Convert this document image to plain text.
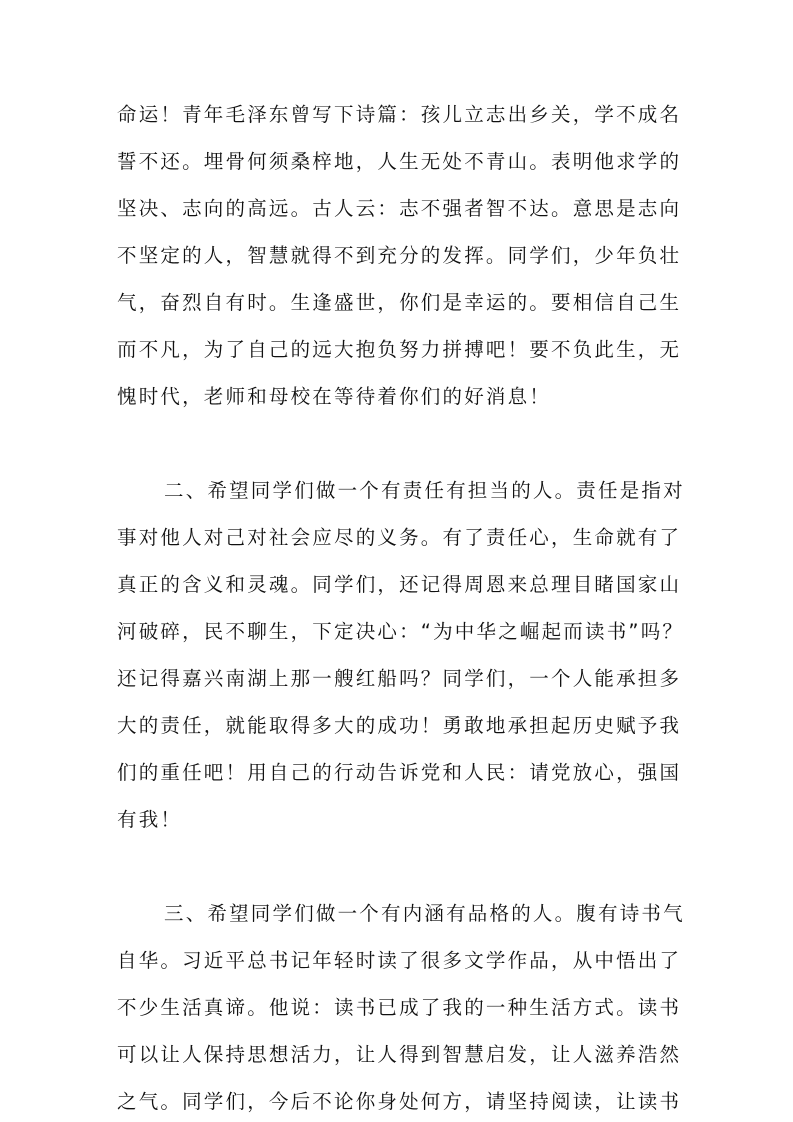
命运！青年毛泽东曾写下诗篇：孩儿立志出乡关，学不成名
誓不还。埋骨何须桑梓地，人生无处不青山。表明他求学的
坚决、志向的高远。古人云：志不强者智不达。意思是志向
不坚定的人，智慧就得不到充分的发挥。同学们，少年负壮
气，奋烈自有时。生逢盛世，你们是幸运的。要相信自己生
而不凡，为了自己的远大抱负努力拼搏吧！要不负此生，无
愧时代，老师和母校在等待着你们的好消息！
二、希望同学们做一个有责任有担当的人。责任是指对
事对他人对己对社会应尽的义务。有了责任心，生命就有了
真正的含义和灵魂。同学们，还记得周恩来总理目睹国家山
河破碎，民不聊生，下定决心：“为中华之崛起而读书”吗？
还记得嘉兴南湖上那一艘红船吗？同学们，一个人能承担多
大的责任，就能取得多大的成功！勇敢地承担起历史赋予我
们的重任吧！用自己的行动告诉党和人民：请党放心，强国
有我！
三、希望同学们做一个有内涵有品格的人。腹有诗书气
自华。习近平总书记年轻时读了很多文学作品，从中悟出了
不少生活真谛。他说：读书已成了我的一种生活方式。读书
可以让人保持思想活力，让人得到智慧启发，让人滋养浩然
之气。同学们，今后不论你身处何方，请坚持阅读，让读书
